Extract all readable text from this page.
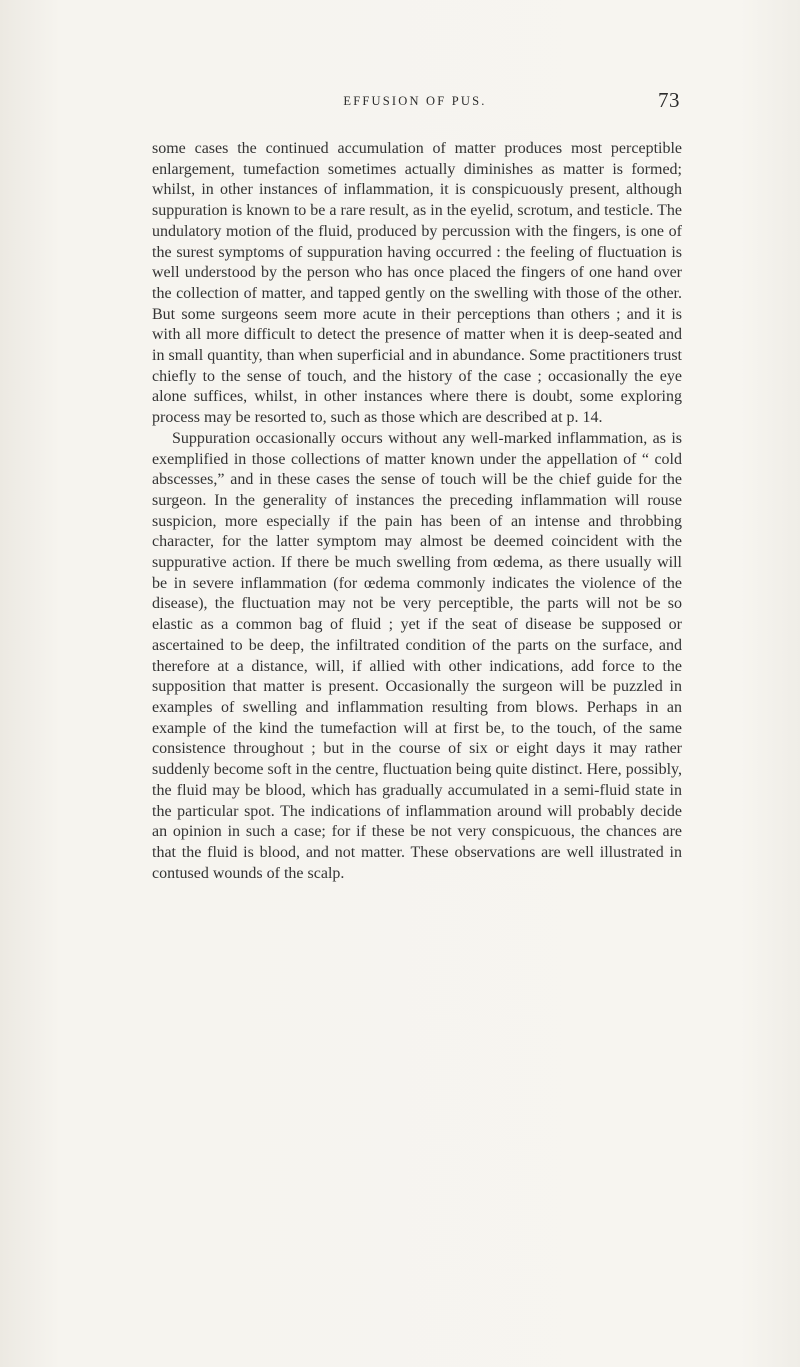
EFFUSION OF PUS.	73

some cases the continued accumulation of matter produces most perceptible enlargement, tumefaction sometimes actually diminishes as matter is formed; whilst, in other instances of inflammation, it is conspicuously present, although suppuration is known to be a rare result, as in the eyelid, scrotum, and testicle. The undulatory motion of the fluid, produced by percussion with the fingers, is one of the surest symptoms of suppuration having occurred : the feeling of fluctuation is well understood by the person who has once placed the fingers of one hand over the collection of matter, and tapped gently on the swelling with those of the other. But some surgeons seem more acute in their perceptions than others ; and it is with all more difficult to detect the presence of matter when it is deep-seated and in small quantity, than when superficial and in abundance. Some practitioners trust chiefly to the sense of touch, and the history of the case ; occasionally the eye alone suffices, whilst, in other instances where there is doubt, some exploring process may be resorted to, such as those which are described at p. 14.

Suppuration occasionally occurs without any well-marked inflammation, as is exemplified in those collections of matter known under the appellation of “ cold abscesses,” and in these cases the sense of touch will be the chief guide for the surgeon. In the generality of instances the preceding inflammation will rouse suspicion, more especially if the pain has been of an intense and throbbing character, for the latter symptom may almost be deemed coincident with the suppurative action. If there be much swelling from œdema, as there usually will be in severe inflammation (for œdema commonly indicates the violence of the disease), the fluctuation may not be very perceptible, the parts will not be so elastic as a common bag of fluid ; yet if the seat of disease be supposed or ascertained to be deep, the infiltrated condition of the parts on the surface, and therefore at a distance, will, if allied with other indications, add force to the supposition that matter is present. Occasionally the surgeon will be puzzled in examples of swelling and inflammation resulting from blows. Perhaps in an example of the kind the tumefaction will at first be, to the touch, of the same consistence throughout ; but in the course of six or eight days it may rather suddenly become soft in the centre, fluctuation being quite distinct. Here, possibly, the fluid may be blood, which has gradually accumulated in a semi-fluid state in the particular spot. The indications of inflammation around will probably decide an opinion in such a case; for if these be not very conspicuous, the chances are that the fluid is blood, and not matter. These observations are well illustrated in contused wounds of the scalp.
